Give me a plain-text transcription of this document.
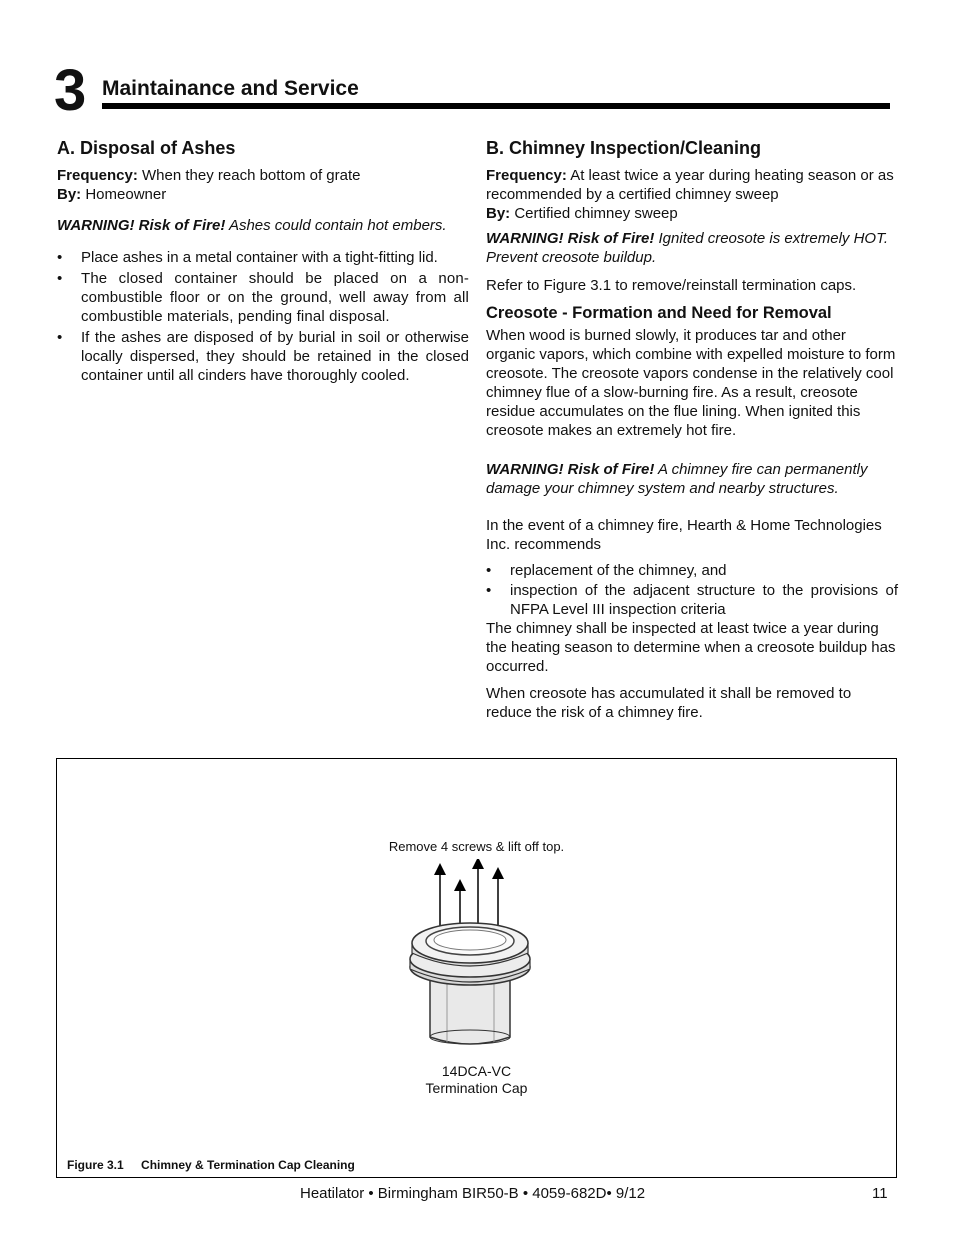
3 Maintainance and Service
A. Disposal of Ashes

Frequency: When they reach bottom of grate

By: Homeowner

WARNING! Risk of Fire! Ashes could contain hot embers.

• Place ashes in a metal container with a tight-fitting lid.
• The closed container should be placed on a non-combustible floor or on the ground, well away from all combustible materials, pending final disposal.
• If the ashes are disposed of by burial in soil or otherwise locally dispersed, they should be retained in the closed container until all cinders have thoroughly cooled.
B. Chimney Inspection/Cleaning

Frequency: At least twice a year during heating season or as recommended by a certified chimney sweep

By: Certified chimney sweep

WARNING! Risk of Fire! Ignited creosote is extremely HOT. Prevent creosote buildup.

Refer to Figure 3.1 to remove/reinstall termination caps.

Creosote - Formation and Need for Removal

When wood is burned slowly, it produces tar and other organic vapors, which combine with expelled moisture to form creosote. The creosote vapors condense in the relatively cool chimney flue of a slow-burning fire. As a result, creosote residue accumulates on the flue lining. When ignited this creosote makes an extremely hot fire.

WARNING! Risk of Fire! A chimney fire can permanently damage your chimney system and nearby structures.

In the event of a chimney fire, Hearth & Home Technologies Inc. recommends

• replacement of the chimney, and
• inspection of the adjacent structure to the provisions of NFPA Level III inspection criteria

The chimney shall be inspected at least twice a year during the heating season to determine when a creosote buildup has occurred.

When creosote has accumulated it shall be removed to reduce the risk of a chimney fire.

Remove 4 screws & lift off top.
14DCA-VC
Termination Cap
Figure 3.1 Chimney & Termination Cap Cleaning
Heatilator • Birmingham BIR50-B • 4059-682D• 9/12	11
